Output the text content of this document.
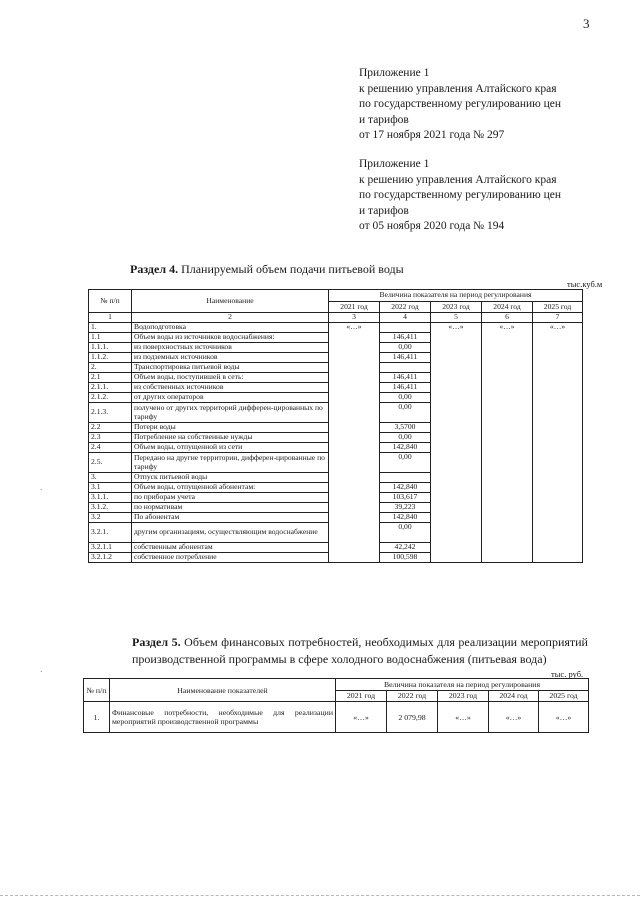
3
Приложение 1
к решению управления Алтайского края
по государственному регулированию цен
и тарифов
от 17 ноября 2021 года № 297
Приложение 1
к решению управления Алтайского края
по государственному регулированию цен
и тарифов
от 05 ноября 2020 года № 194
Раздел 4. Планируемый объем подачи питьевой воды
тыс.куб.м
№ п/п	Наименование	Величина показателя на период регулирования				
		2021 год	2022 год	2023 год	2024 год	2025 год
1	2	3	4	5	6	7
1.	Водоподготовка	«…»		«…»	«…»	«…»
1.1	Объем воды из источников водоснабжения:		146,411			
1.1.1.	из поверхностных источников		0,00			
1.1.2.	из подземных источников		146,411			
2.	Транспортировка питьевой воды					
2.1	Объем воды, поступившей в сеть:		146,411			
2.1.1.	из собственных источников		146,411			
2.1.2.	от других операторов		0,00			
2.1.3.	получено от других территорий дифферен-цированных по тарифу		0,00			
2.2	Потери воды		3,5700			
2.3	Потребление на собственные нужды		0,00			
2.4	Объем воды, отпущенной из сети		142,840			
2.5.	Передано на другие территории, дифферен-цированные по тарифу		0,00			
3.	Отпуск питьевой воды					
3.1	Объем воды, отпущенной абонентам:		142,840			
3.1.1.	по приборам учета		103,617			
3.1.2.	по нормативам		39,223			
3.2	По абонентам		142,840			
3.2.1.	другим организациям, осуществляющим водоснабжение		0,00			
3.2.1.1	собственным абонентам		42,242			
3.2.1.2	собственное потребление		100,598			
Раздел 5. Объем финансовых потребностей, необходимых для реализации мероприятий производственной программы в сфере холодного водоснабжения (питьевая вода)
тыс. руб.
№ п/п	Наименование показателей	Величина показателя на период регулирования				
		2021 год	2022 год	2023 год	2024 год	2025 год
1.	Финансовые потребности, необходимые для реализации мероприятий производственной программы	«…»	2 079,98	«…»	«…»	«…»
·
·
